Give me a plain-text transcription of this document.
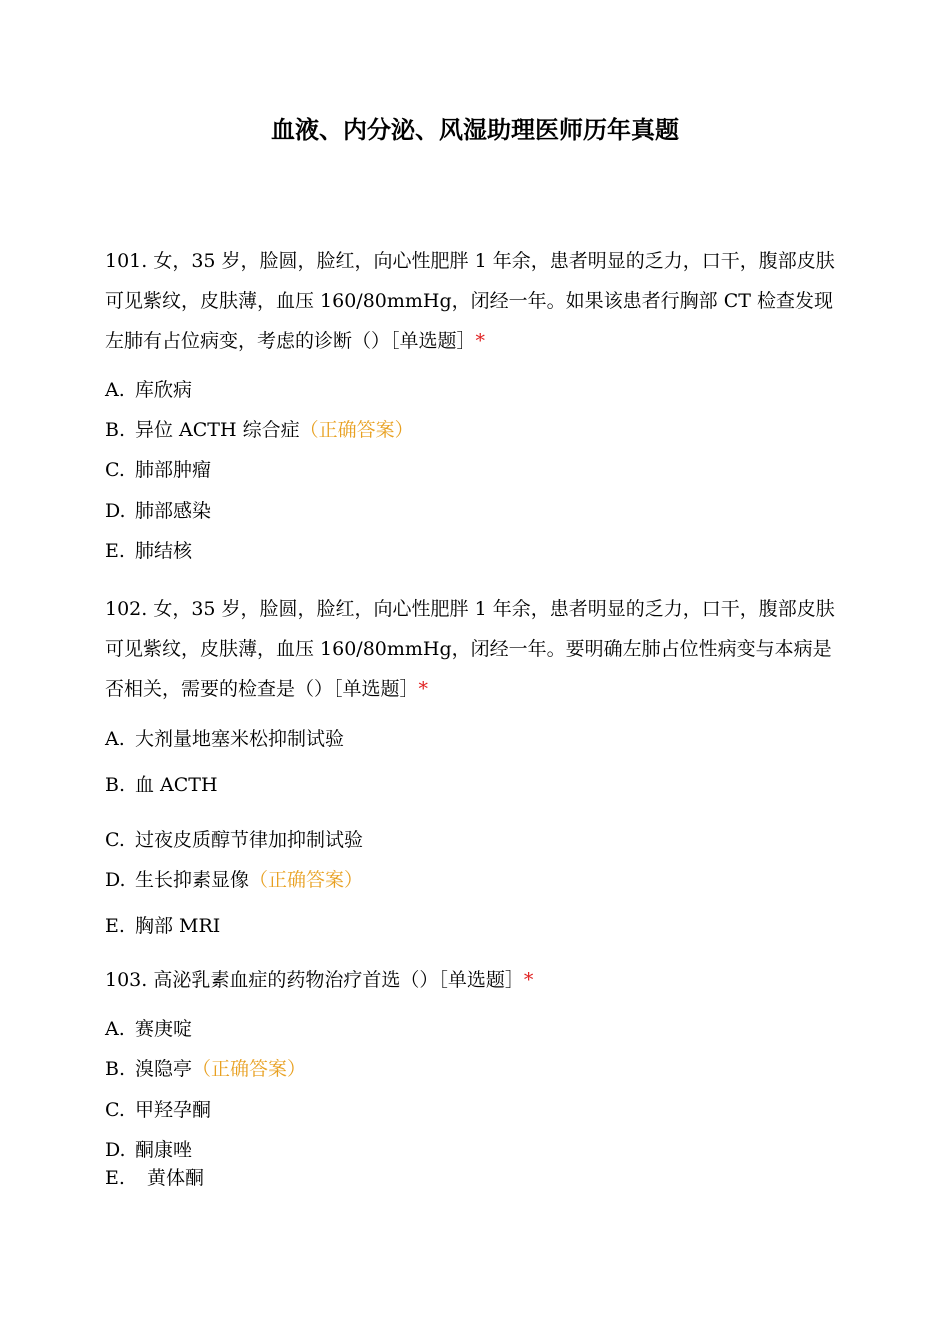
血液、内分泌、风湿助理医师历年真题

101. 女，35 岁，脸圆，脸红，向心性肥胖 1 年余，患者明显的乏力，口干，腹部皮肤可见紫纹，皮肤薄，血压 160/80mmHg，闭经一年。如果该患者行胸部 CT 检查发现左肺有占位病变，考虑的诊断（）［单选题］*

A. 库欣病
B. 异位 ACTH 综合症（正确答案）
C. 肺部肿瘤
D. 肺部感染
E. 肺结核

102. 女，35 岁，脸圆，脸红，向心性肥胖 1 年余，患者明显的乏力，口干，腹部皮肤可见紫纹，皮肤薄，血压 160/80mmHg，闭经一年。要明确左肺占位性病变与本病是否相关，需要的检查是（）［单选题］*

A. 大剂量地塞米松抑制试验
B. 血 ACTH
C. 过夜皮质醇节律加抑制试验
D. 生长抑素显像（正确答案）
E. 胸部 MRI

103. 高泌乳素血症的药物治疗首选（）［单选题］*

A. 赛庚啶
B. 溴隐亭（正确答案）
C. 甲羟孕酮
D. 酮康唑
E. 黄体酮
